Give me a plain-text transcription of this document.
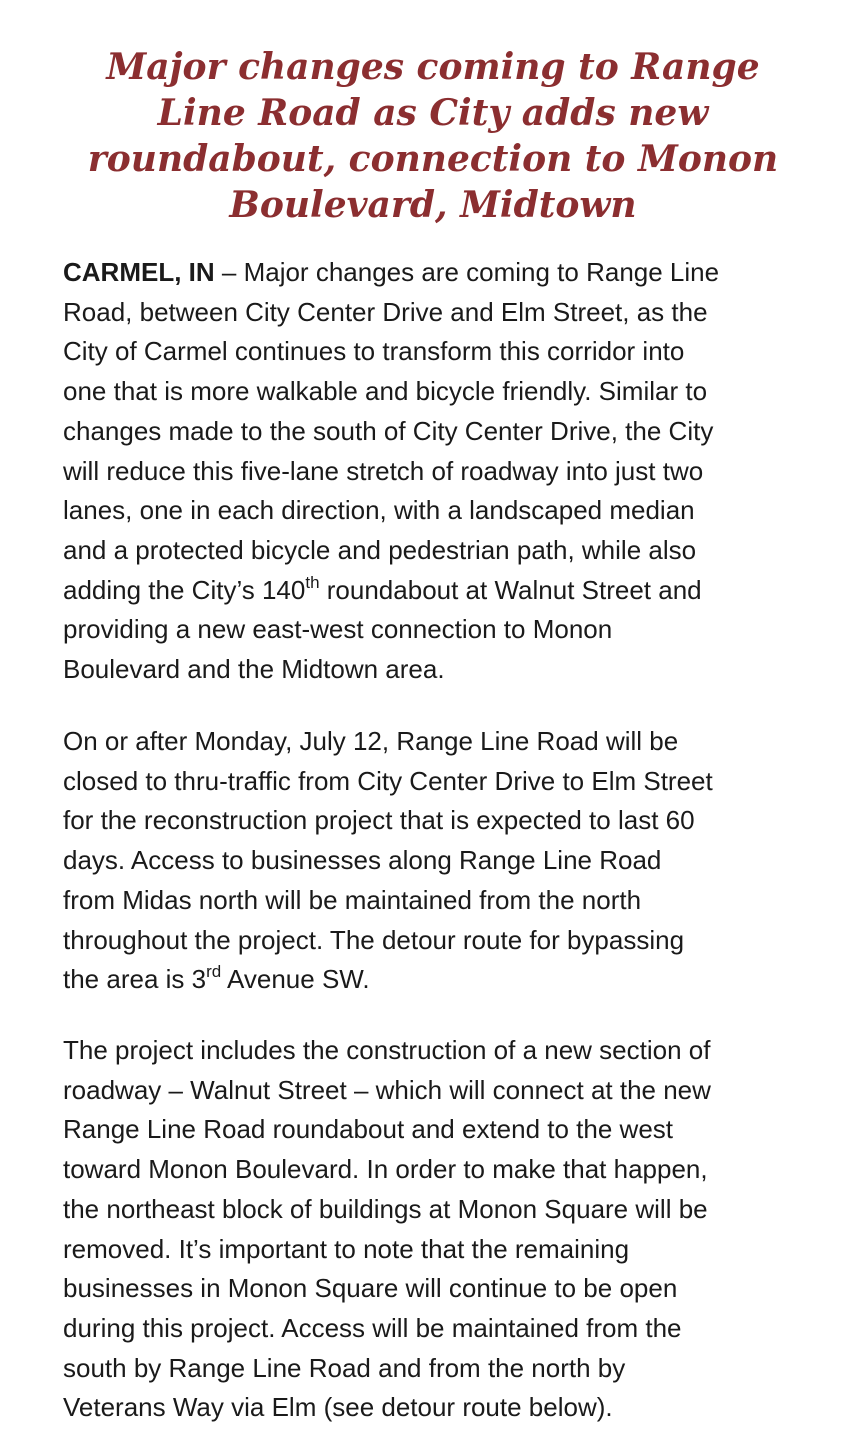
Major changes coming to Range
Line Road as City adds new
roundabout, connection to Monon
Boulevard, Midtown

CARMEL, IN – Major changes are coming to Range Line
Road, between City Center Drive and Elm Street, as the
City of Carmel continues to transform this corridor into
one that is more walkable and bicycle friendly. Similar to
changes made to the south of City Center Drive, the City
will reduce this five-lane stretch of roadway into just two
lanes, one in each direction, with a landscaped median
and a protected bicycle and pedestrian path, while also
adding the City’s 140th roundabout at Walnut Street and
providing a new east-west connection to Monon
Boulevard and the Midtown area.

On or after Monday, July 12, Range Line Road will be
closed to thru-traffic from City Center Drive to Elm Street
for the reconstruction project that is expected to last 60
days. Access to businesses along Range Line Road
from Midas north will be maintained from the north
throughout the project. The detour route for bypassing
the area is 3rd Avenue SW.

The project includes the construction of a new section of
roadway – Walnut Street – which will connect at the new
Range Line Road roundabout and extend to the west
toward Monon Boulevard. In order to make that happen,
the northeast block of buildings at Monon Square will be
removed. It’s important to note that the remaining
businesses in Monon Square will continue to be open
during this project. Access will be maintained from the
south by Range Line Road and from the north by
Veterans Way via Elm (see detour route below).
